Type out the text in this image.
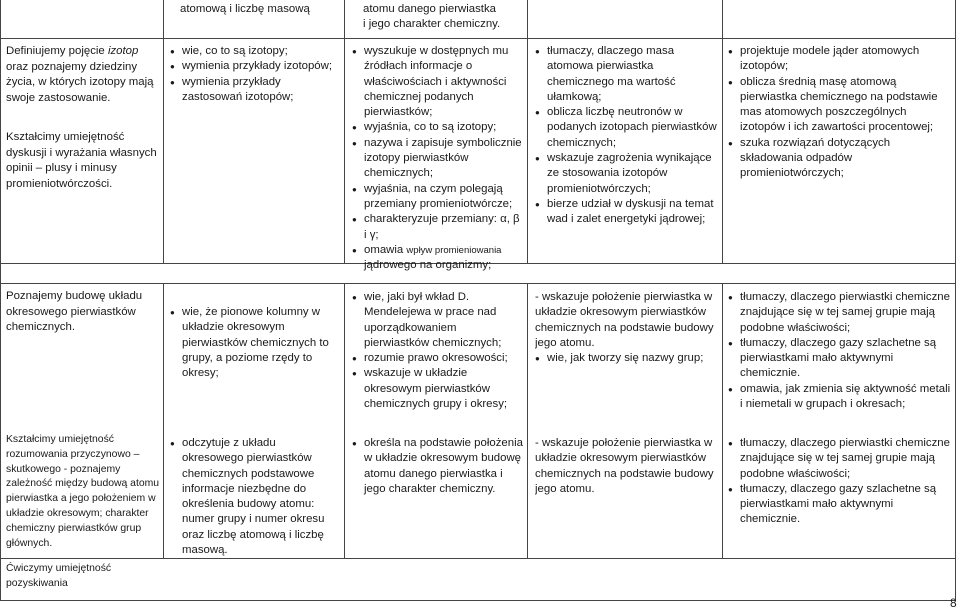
atomową i liczbę masową	atomu danego pierwiastka
i jego charakter chemiczny.
Definiujemy pojęcie izotop oraz poznajemy dziedziny życia, w których izotopy mają swoje zastosowanie.
Kształcimy umiejętność dyskusji i wyrażania własnych opinii – plusy i minusy promieniotwórczości.
● wie, co to są izotopy;
● wymienia przykłady izotopów;
● wymienia przykłady zastosowań izotopów;
● wyszukuje w dostępnych mu źródłach informacje o właściwościach i aktywności chemicznej podanych pierwiastków;
● wyjaśnia, co to są izotopy;
● nazywa i zapisuje symbolicznie izotopy pierwiastków chemicznych;
● wyjaśnia, na czym polegają przemiany promieniotwórcze;
● charakteryzuje przemiany: α, β i γ;
● omawia wpływ promieniowania jądrowego na organizmy;
● tłumaczy, dlaczego masa atomowa pierwiastka chemicznego ma wartość ułamkową;
● oblicza liczbę neutronów w podanych izotopach pierwiastków chemicznych;
● wskazuje zagrożenia wynikające ze stosowania izotopów promieniotwórczych;
● bierze udział w dyskusji na temat wad i zalet energetyki jądrowej;
● projektuje modele jąder atomowych izotopów;
● oblicza średnią masę atomową pierwiastka chemicznego na podstawie mas atomowych poszczególnych izotopów i ich zawartości procentowej;
● szuka rozwiązań dotyczących składowania odpadów promieniotwórczych;
Poznajemy budowę układu okresowego pierwiastków chemicznych.
Kształcimy umiejętność rozumowania przyczynowo – skutkowego - poznajemy zależność między budową atomu pierwiastka a jego położeniem w układzie okresowym; charakter chemiczny pierwiastków grup głównych.
Ćwiczymy umiejętność pozyskiwania
● wie, że pionowe kolumny w układzie okresowym pierwiastków chemicznych to grupy, a poziome rzędy to okresy;
● odczytuje z układu okresowego pierwiastków chemicznych podstawowe informacje niezbędne do określenia budowy atomu: numer grupy i numer okresu oraz liczbę atomową i liczbę masową.
● wie, jaki był wkład D. Mendelejewa w prace nad uporządkowaniem pierwiastków chemicznych;
● rozumie prawo okresowości;
● wskazuje w układzie okresowym pierwiastków chemicznych grupy i okresy;
● określa na podstawie położenia w układzie okresowym budowę atomu danego pierwiastka i jego charakter chemiczny.
- wskazuje położenie pierwiastka w układzie okresowym pierwiastków chemicznych na podstawie budowy jego atomu.
● wie, jak tworzy się nazwy grup;
- wskazuje położenie pierwiastka w układzie okresowym pierwiastków chemicznych na podstawie budowy jego atomu.
● tłumaczy, dlaczego pierwiastki chemiczne znajdujące się w tej samej grupie mają podobne właściwości;
● tłumaczy, dlaczego gazy szlachetne są pierwiastkami mało aktywnymi chemicznie.
● omawia, jak zmienia się aktywność metali i niemetali w grupach i okresach;
● tłumaczy, dlaczego pierwiastki chemiczne znajdujące się w tej samej grupie mają podobne właściwości;
● tłumaczy, dlaczego gazy szlachetne są pierwiastkami mało aktywnymi chemicznie.
8
